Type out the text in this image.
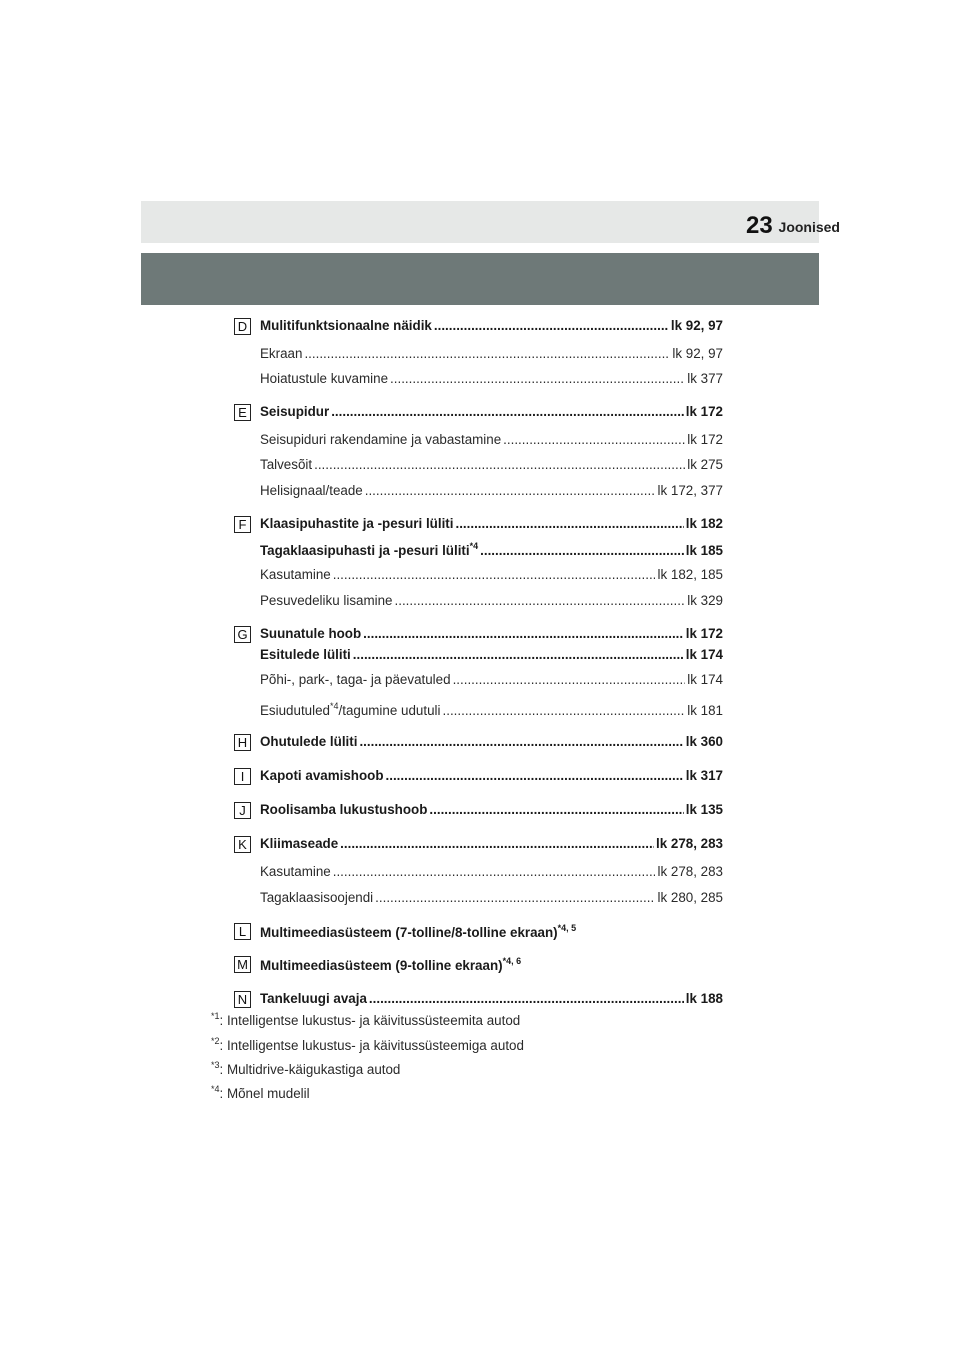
Joonised
23
D Mulitifunktsionaalne näidik .....	lk 92, 97
Ekraan .....	lk 92, 97
Hoiatustule kuvamine .....	lk 377
E Seisupidur .....	lk 172
Seisupiduri rakendamine ja vabastamine .....	lk 172
Talvesõit .....	lk 275
Helisignaal/teade .....	lk 172, 377
F	Klaasipuhastite ja -pesuri lüliti .....	lk 182
Tagaklaasipuhasti ja -pesuri lüliti$^{*4}$ .....	lk 185
Kasutamine .....	lk 182, 185
Pesuvedeliku lisamine .....	lk 329
G Suunatule hoob .....	lk 172
Esitulede lüliti .....	lk 174
Põhi-, park-, taga- ja päevatuled .....	lk 174
Esiudutuled$^{*4}$/tagumine udutuli .....	lk 181
H Ohutulede lüliti .....	lk 360
I	Kapoti avamishoob .....	lk 317
J	Roolisamba lukustushoob .....	lk 135
K Kliimaseade .....	lk 278, 283
Kasutamine .....	lk 278, 283
Tagaklaasisoojendi .....	lk 280, 285
L	Multimeediasüsteem (7-tolline/8-tolline ekraan)$^{*4, 5}$
M Multimeediasüsteem (9-tolline ekraan)$^{*4, 6}$
N Tankeluugi avaja .....	lk 188
$^{*1}$: Intelligentse lukustus- ja käivitussüsteemita autod
$^{*2}$: Intelligentse lukustus- ja käivitussüsteemiga autod
$^{*3}$: Multidrive-käigukastiga autod
$^{*4}$: Mõnel mudelil
